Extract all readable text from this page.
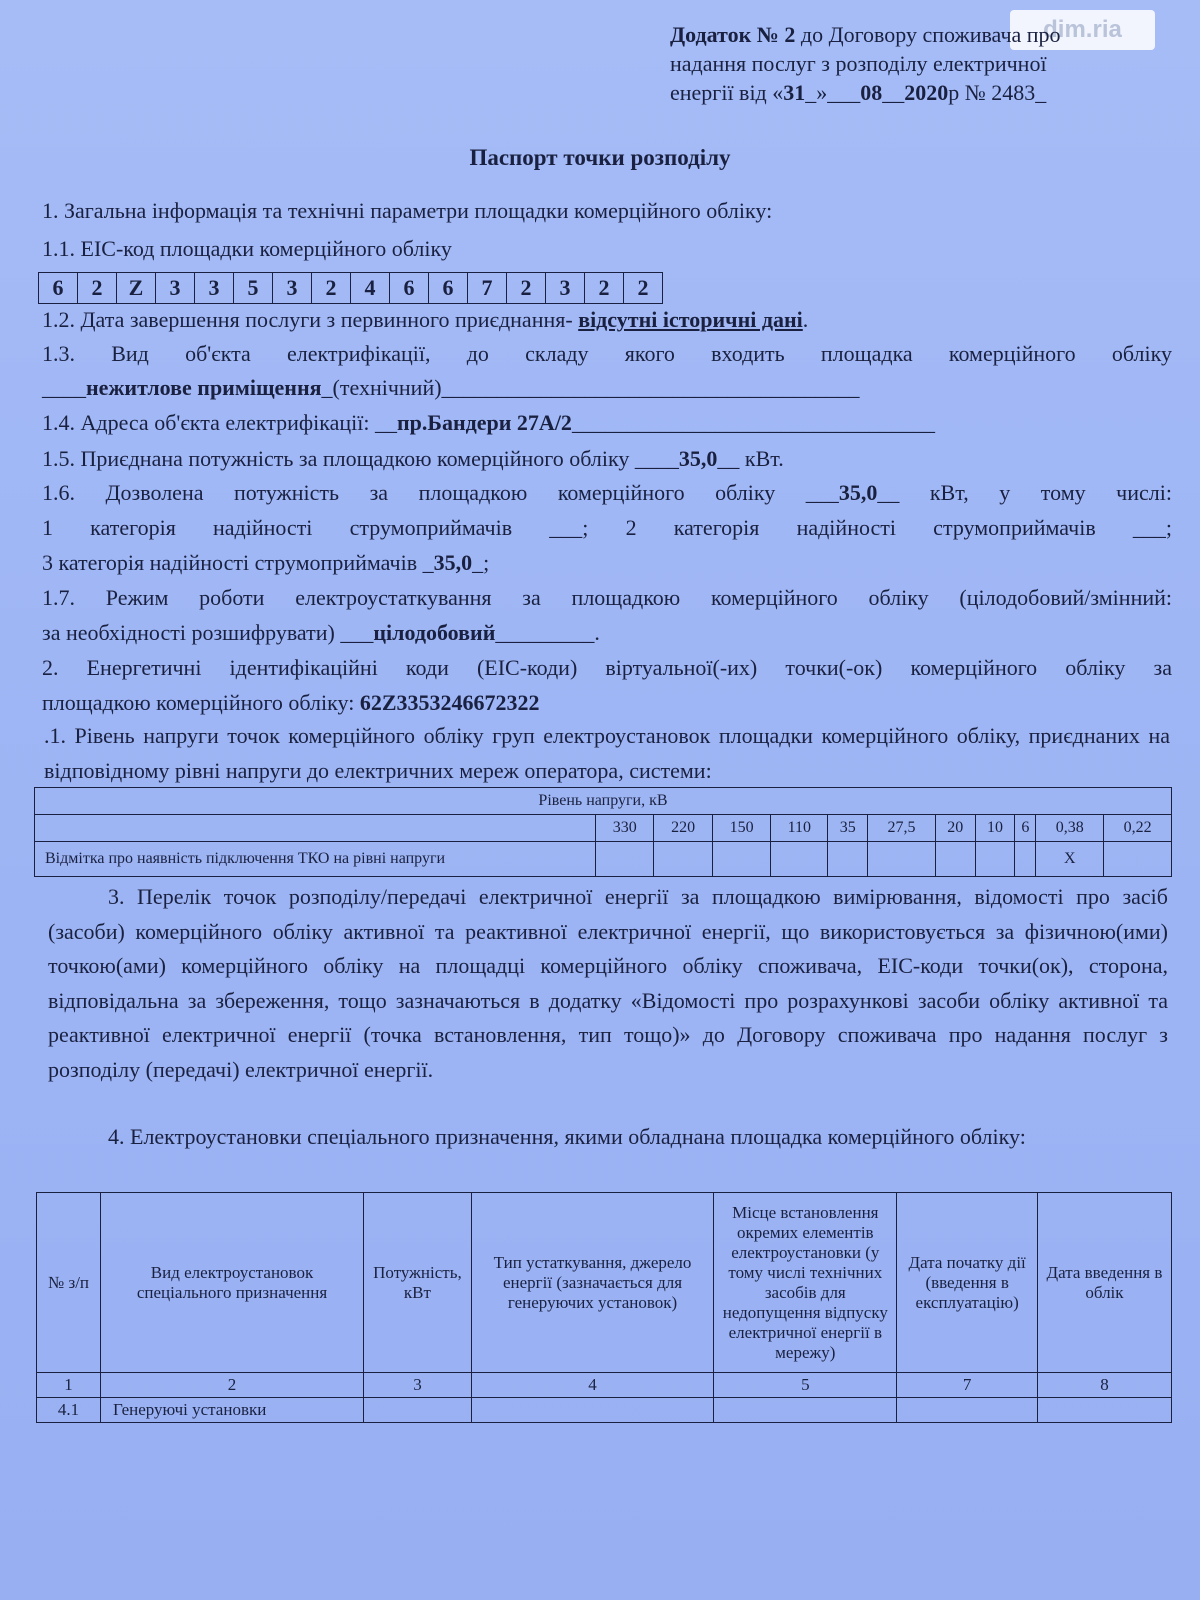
dim.ria
Додаток № 2 до Договору споживача про
надання послуг з розподілу електричної
енергії від «31_»___08__2020р № 2483_
Паспорт точки розподілу
1. Загальна інформація та технічні параметри площадки комерційного обліку:
1.1. ЕІС-код площадки комерційного обліку
6	2	Z	3	3	5	3	2	4	6	6	7	2	3	2	2
1.2. Дата завершення послуги з первинного приєднання- відсутні історичні дані.
1.3. Вид об'єкта електрифікації, до складу якого входить площадка комерційного обліку
____нежитлове приміщення_(технічний)______________________________________
1.4. Адреса об'єкта електрифікації: __пр.Бандери 27А/2_________________________________
1.5. Приєднана потужність за площадкою комерційного обліку ____35,0__ кВт.
1.6. Дозволена потужність за площадкою комерційного обліку ___35,0__ кВт, у тому числі:
1 категорія надійності струмоприймачів ___; 2 категорія надійності струмоприймачів ___;
3 категорія надійності струмоприймачів _35,0_;
1.7. Режим роботи електроустаткування за площадкою комерційного обліку (цілодобовий/змінний:
за необхідності розшифрувати) ___цілодобовий_________.
2. Енергетичні ідентифікаційні коди (ЕІС-коди) віртуальної(-их) точки(-ок) комерційного обліку за
площадкою комерційного обліку: 62Z3353246672322
.1. Рівень напруги точок комерційного обліку груп електроустановок площадки комерційного обліку, приєднаних на відповідному рівні напруги до електричних мереж оператора, системи:
Рівень напруги, кВ											
	330	220	150	110	35	27,5	20	10	6	0,38	0,22
Відмітка про наявність підключення ТКО на рівні напруги										X	
3. Перелік точок розподілу/передачі електричної енергії за площадкою вимірювання, відомості про засіб (засоби) комерційного обліку активної та реактивної електричної енергії, що використовується за фізичною(ими) точкою(ами) комерційного обліку на площадці комерційного обліку споживача, ЕІС-коди точки(ок), сторона, відповідальна за збереження, тощо зазначаються в додатку «Відомості про розрахункові засоби обліку активної та реактивної електричної енергії (точка встановлення, тип тощо)» до Договору споживача про надання послуг з розподілу (передачі) електричної енергії.
4. Електроустановки спеціального призначення, якими обладнана площадка комерційного обліку:
№ з/п	Вид електроустановок спеціального призначення	Потужність, кВт	Тип устаткування, джерело енергії (зазначається для генеруючих установок)	Місце встановлення окремих елементів електроустановки (у тому числі технічних засобів для недопущення відпуску електричної енергії в мережу)	Дата початку дії (введення в експлуатацію)	Дата введення в облік
1	2	3	4	5	7	8
4.1	Генеруючі установки					
